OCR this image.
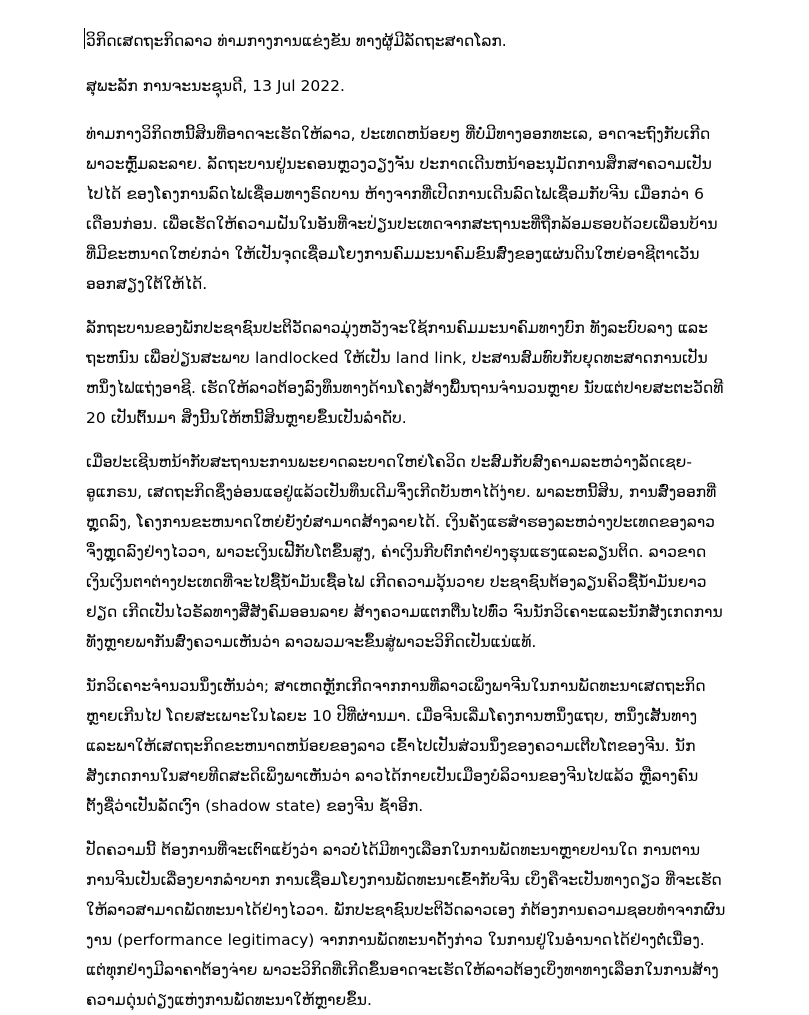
ວິກິດເສດຖະກິດລາວ ທ່າມກາງການແຂ່ງຂັນ ທາງຜູ້ມີລັດຖະສາດໂລກ.

ສຸພະລັກ ການຈະນະຊຸນດີ, 13 Jul 2022.

ທ່າມກາງວິກິດຫນີ້ສິນທີ່ອາດຈະເຮັດໃຫ້ລາວ, ປະເທດຫນ້ອຍໆ ທີ່ບໍ່ມີທາງອອກທະເລ, ອາດຈະຖົງກັບເກີດພາວະຫຼົ້ມລະລາຍ. ລັດຖະບານຢູ່ນະຄອນຫຼວງວຽງຈັນ ປະກາດເດີນຫນ້າອະນຸມັດການສຶກສາຄວາມເປັນໄປໄດ້ ຂອງໂຄງການລົດໄຟເຊື່ອມທາງຣົດບານ ຫ້າງຈາກທີ່ເປີດການເດີນລົດໄຟເຊື່ອມກັບຈີນ ເມື່ອກວ່າ 6 ເດືອນກ່ອນ. ເພື່ອເຮັດໃຫ້ຄວາມຝັນໃນອັນທີ່ຈະປ່ຽນປະເທດຈາກສະຖານະທີ່ຖືກລ້ອມຮອບດ້ວຍເພື່ອນບ້ານທີ່ມີຂະຫນາດໃຫຍ່ກວ່າ ໃຫ້ເປັນຈຸດເຊື່ອມໂຍງການຄົມມະນາຄົມຂົນສົ່ງຂອງແຜ່ນດິນໃຫຍ່ອາຊີຕາເວັນອອກສຽງໃຕ້ໃຫ້ໄດ້.

ລັກຖະບານຂອງພັກປະຊາຊົນປະຕິວັດລາວມຸ່ງຫວັງຈະໃຊ້ການຄົມມະນາຄົມທາງບົກ ທັງລະບົບລາງ ແລະຖະຫນົນ ເພື່ອປ່ຽນສະພາບ landlocked ໃຫ້ເປັນ land link, ປະສານສົມທົບກັບຍຸດທະສາດການເປັນຫນຶ່ງໄຟແຖ່ງອາຊີ. ເຮັດໃຫ້ລາວຕ້ອງລົງທຶນທາງດ້ານໂຄງສ້າງພື້ນຖານຈຳນວນຫຼາຍ ນັບແຕ່ປາຍສະຕະວັດທີ 20 ເປັນຕົ້ນມາ ສິ່ງນີ້ນໃຫ້ຫນີ້ສິນຫຼາຍຂຶ້ນເປັນລຳດັບ.

ເມື່ອປະເຊີນຫນ້າກັບສະຖານະການພະຍາດລະບາດໃຫຍ່ໂຄວິດ ປະສົມກັບສົງຄາມລະຫວ່າງລັດເຊຍ-ອູແກຣນ, ເສດຖະກິດຊຶ່ງອ່ອນແອຢູ່ແລ້ວເປັນທຶນເດີມຈຶ່ງເກີດບັນຫາໄດ້ງ່າຍ. ພາລະຫນີ້ສິນ, ການສົ່ງອອກທີ່ຫຼຸດລົງ, ໂຄງການຂະຫນາດໃຫຍ່ຍັງບໍ່ສາມາດສ້າງລາຍໄດ້. ເງິນຄັງແຮສຳຮອງລະຫວ່າງປະເທດຂອງລາວຈຶ່ງຫຼຸດລົງຢ່າງໄວວາ, ພາວະເງິນເຟີ້ກັບໂຕຂຶ້ນສູງ, ຄ່າເງິນກີບຕົກຕ່ຳຢ່າງຮຸນແຮງແລະລຽນຕິດ. ລາວຂາດເງິນເງິນຕາຕ່າງປະເທດທີ່ຈະໄປຊື້ນ້ຳມັນເຊື້ອໄຟ ເກີດຄວາມວຸ້ນວາຍ ປະຊາຊົນຕ້ອງລຽນຄິວຊື້ນ້ຳມັນຍາວຢຽດ ເກີດເປັນໄວຣັລທາງສື່ສັງຄົມອອນລາຍ ສ້າງຄວາມແຕກຕື່ນໄປທົ່ວ ຈົນນັກວິເຄາະແລະນັກສັງເກດການທັງຫຼາຍພາກັນສົ່ງຄວາມເຫັນວ່າ ລາວພວມຈະຂຶ້ນສູ່ພາວະວິກິດເປັນແນ່ແທ້.

ນັກວິເຄາະຈຳນວນນຶ່ງເຫັນວ່າ; ສາເຫດຫຼັກເກີດຈາກການທີ່ລາວເພິ່ງພາຈີນໃນການພັດທະນາເສດຖະກິດຫຼາຍເກີນໄປ ໂດຍສະເພາະໃນໄລຍະ 10 ປີທີ່ຜ່ານມາ. ເມື່ອຈີນເລີ່ມໂຄງການຫນຶ່ງແຖບ, ຫນຶ່ງເສັ້ນທາງ ແລະພາໃຫ້ເສດຖະກິດຂະຫນາດຫນ້ອຍຂອງລາວ ເຂົ້າໄປເປັນສ່ວນນຶ່ງຂອງຄວາມເຕີບໂຕຂອງຈີນ. ນັກສັງເກດການໃນສາຍທີດສະດິເພິ່ງພາເຫັນວ່າ ລາວໄດ້ກາຍເປັນເມືອງບໍລິວານຂອງຈີນໄປແລ້ວ ຫຼືລາງຄົນຕັ້ງຊື່ວ່າເປັນລັດເງົາ (shadow state) ຂອງຈີນ ຊ້ຳອີກ.

ປັດຄວາມນີ້ ຕ້ອງການທີ່ຈະເຕົາແຍ້ງວ່າ ລາວບໍ່ໄດ້ມີທາງເລືອກໃນການພັດທະນາຫຼາຍປານໃດ ການຕານການຈີນເປັນເລື່ອງຍາກລຳບາກ ການເຊື່ອມໂຍງການພັດທະນາເຂົ້າກັບຈີນ ເບິ່ງຄືຈະເປັນທາງດຽວ ທີ່ຈະເຮັດໃຫ້ລາວສາມາດພັດທະນາໄດ້ຢ່າງໄວວາ. ພັກປະຊາຊົນປະຕິວັດລາວເອງ ກໍຕ້ອງການຄວາມຊອບທຳຈາກຜົນງານ (performance legitimacy) ຈາກການພັດທະນາດັ້ງກ່າວ ໃນການຢູ່ໃນອຳນາດໄດ້ຢ່າງຕໍ່ເນື່ອງ. ແຕ່ທຸກຢ່າງມີລາຄາຕ້ອງຈ່າຍ ພາວະວິກິດທີ່ເກີດຂຶ້ນອາດຈະເຮັດໃຫ້ລາວຕ້ອງເບິ່ງທາທາງເລືອກໃນການສ້າງຄວາມດຸ່ນດ່ຽງແຫ່ງການພັດທະນາໃຫ້ຫຼາຍຂຶ້ນ.
